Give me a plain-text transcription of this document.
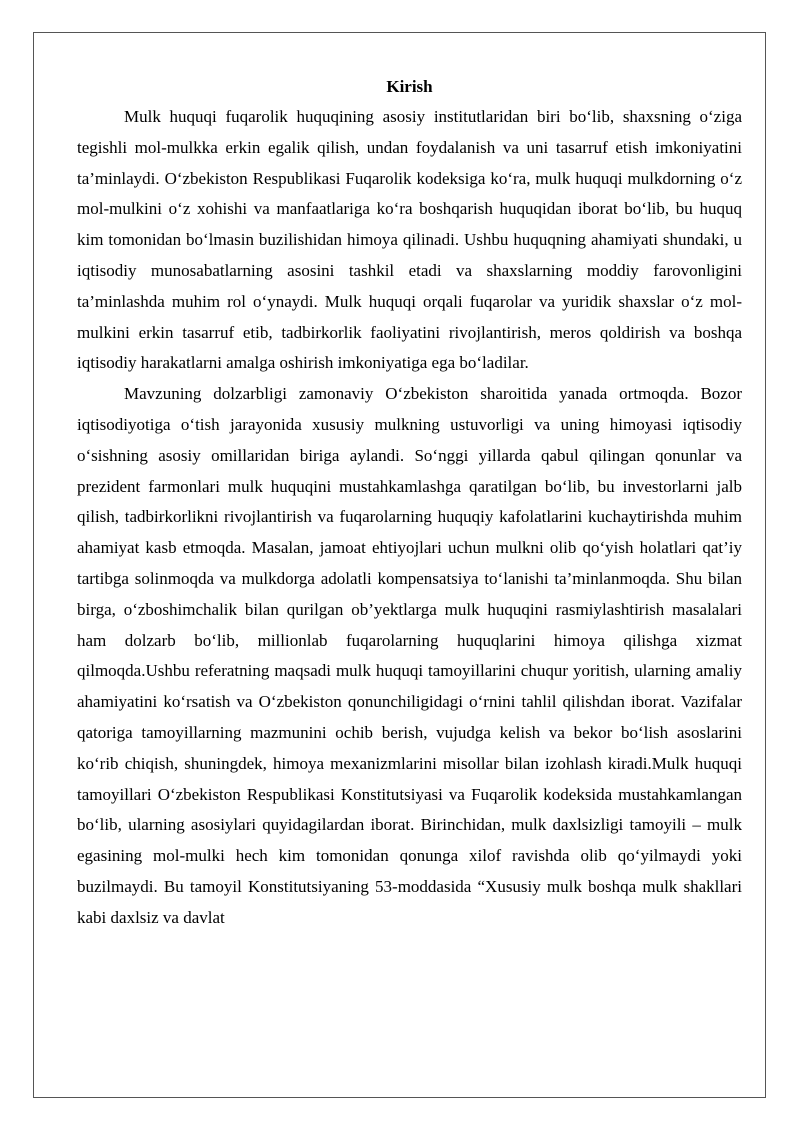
Kirish

Mulk huquqi fuqarolik huquqining asosiy institutlaridan biri bo‘lib, shaxsning o‘ziga tegishli mol-mulkka erkin egalik qilish, undan foydalanish va uni tasarruf etish imkoniyatini ta’minlaydi. O‘zbekiston Respublikasi Fuqarolik kodeksiga ko‘ra, mulk huquqi mulkdorning o‘z mol-mulkini o‘z xohishi va manfaatlariga ko‘ra boshqarish huquqidan iborat bo‘lib, bu huquq kim tomonidan bo‘lmasin buzilishidan himoya qilinadi. Ushbu huquqning ahamiyati shundaki, u iqtisodiy munosabatlarning asosini tashkil etadi va shaxslarning moddiy farovonligini ta’minlashda muhim rol o‘ynaydi. Mulk huquqi orqali fuqarolar va yuridik shaxslar o‘z mol-mulkini erkin tasarruf etib, tadbirkorlik faoliyatini rivojlantirish, meros qoldirish va boshqa iqtisodiy harakatlarni amalga oshirish imkoniyatiga ega bo‘ladilar.

Mavzuning dolzarbligi zamonaviy O‘zbekiston sharoitida yanada ortmoqda. Bozor iqtisodiyotiga o‘tish jarayonida xususiy mulkning ustuvorligi va uning himoyasi iqtisodiy o‘sishning asosiy omillaridan biriga aylandi. So‘nggi yillarda qabul qilingan qonunlar va prezident farmonlari mulk huquqini mustahkamlashga qaratilgan bo‘lib, bu investorlarni jalb qilish, tadbirkorlikni rivojlantirish va fuqarolarning huquqiy kafolatlarini kuchaytirishda muhim ahamiyat kasb etmoqda. Masalan, jamoat ehtiyojlari uchun mulkni olib qo‘yish holatlari qat’iy tartibga solinmoqda va mulkdorga adolatli kompensatsiya to‘lanishi ta’minlanmoqda. Shu bilan birga, o‘zboshimchalik bilan qurilgan ob’yektlarga mulk huquqini rasmiylashtirish masalalari ham dolzarb bo‘lib, millionlab fuqarolarning huquqlarini himoya qilishga xizmat qilmoqda.Ushbu referatning maqsadi mulk huquqi tamoyillarini chuqur yoritish, ularning amaliy ahamiyatini ko‘rsatish va O‘zbekiston qonunchiligidagi o‘rnini tahlil qilishdan iborat. Vazifalar qatoriga tamoyillarning mazmunini ochib berish, vujudga kelish va bekor bo‘lish asoslarini ko‘rib chiqish, shuningdek, himoya mexanizmlarini misollar bilan izohlash kiradi.Mulk huquqi tamoyillari O‘zbekiston Respublikasi Konstitutsiyasi va Fuqarolik kodeksida mustahkamlangan bo‘lib, ularning asosiylari quyidagilardan iborat. Birinchidan, mulk daxlsizligi tamoyili – mulk egasining mol-mulki hech kim tomonidan qonunga xilof ravishda olib qo‘yilmaydi yoki buzilmaydi. Bu tamoyil Konstitutsiyaning 53-moddasida “Xususiy mulk boshqa mulk shakllari kabi daxlsiz va davlat
